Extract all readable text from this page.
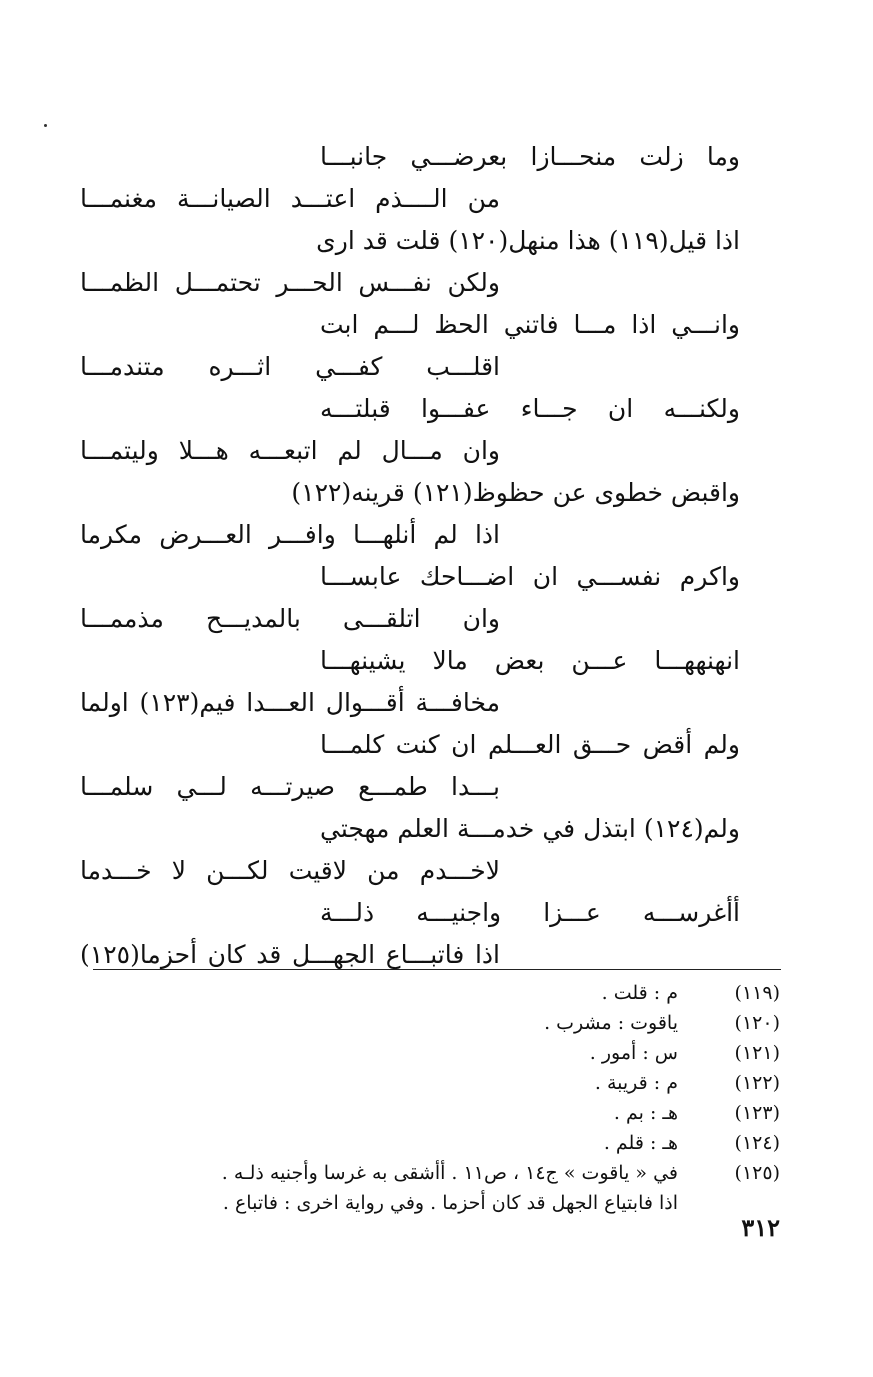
وما زلت منحـــازا بعرضـــي جانبـــا
من الــــذم اعتـــد الصيانـــة مغنمـــا
اذا قيل(١١٩) هذا منهل(١٢٠) قلت قد ارى
ولكن نفـــس الحـــر تحتمـــل الظمـــا
وانـــي اذا مـــا فاتني الحظ لـــم ابت
اقلـــب كفـــي اثـــره متندمـــا
ولكنـــه ان جـــاء عفـــوا قبلتـــه
وان مـــال لم اتبعـــه هـــلا وليتمـــا
واقبض خطوى عن حظوظ(١٢١) قرينه(١٢٢)
اذا لم أنلهـــا وافـــر العـــرض مكرما
واكرم نفســـي ان اضـــاحك عابســـا
وان اتلقـــى بالمديـــح مذممـــا
انهنههـــا عـــن بعض مالا يشينهـــا
مخافـــة أقـــوال العـــدا فيم(١٢٣) اولما
ولم أقض حـــق العـــلم ان كنت كلمـــا
بـــدا طمـــع صيرتـــه لـــي سلمـــا
ولم(١٢٤) ابتذل في خدمـــة العلم مهجتي
لاخـــدم من لاقيت لكـــن لا خـــدما
أأغرســـه عـــزا واجنيـــه ذلـــة
اذا فاتبـــاع الجهـــل قد كان أحزما(١٢٥)
(١١٩)
م : قلت .
(١٢٠)
ياقوت : مشرب .
(١٢١)
س : أمور .
(١٢٢)
م : قريبة .
(١٢٣)
هـ : بم .
(١٢٤)
هـ : قلم .
(١٢٥)
في « ياقوت » ج١٤ ، ص١١ . أأشقى به غرسا وأجنيه ذلـه .
اذا فابتياع الجهل قد كان أحزما . وفي رواية اخرى : فاتباع .
٣١٢
